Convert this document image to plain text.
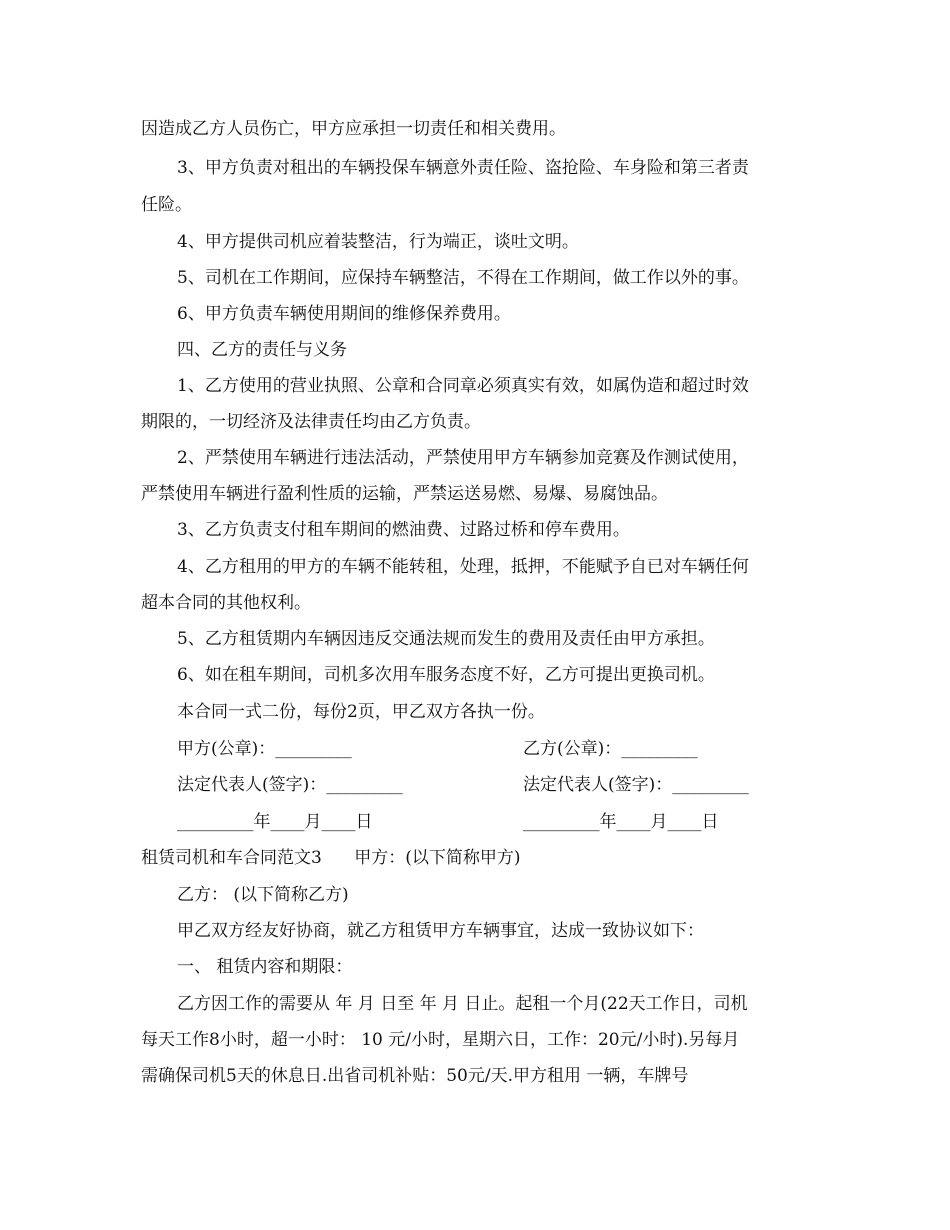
因造成乙方人员伤亡，甲方应承担一切责任和相关费用。
3、甲方负责对租出的车辆投保车辆意外责任险、盗抢险、车身险和第三者责
任险。
4、甲方提供司机应着装整洁，行为端正，谈吐文明。
5、司机在工作期间，应保持车辆整洁，不得在工作期间，做工作以外的事。
6、甲方负责车辆使用期间的维修保养费用。
四、乙方的责任与义务
1、乙方使用的营业执照、公章和合同章必须真实有效，如属伪造和超过时效
期限的，一切经济及法律责任均由乙方负责。
2、严禁使用车辆进行违法活动，严禁使用甲方车辆参加竞赛及作测试使用，
严禁使用车辆进行盈利性质的运输，严禁运送易燃、易爆、易腐蚀品。
3、乙方负责支付租车期间的燃油费、过路过桥和停车费用。
4、乙方租用的甲方的车辆不能转租，处理，抵押，不能赋予自已对车辆任何
超本合同的其他权利。
5、乙方租赁期内车辆因违反交通法规而发生的费用及责任由甲方承担。
6、如在租车期间，司机多次用车服务态度不好，乙方可提出更换司机。
本合同一式二份，每份2页，甲乙双方各执一份。
甲方(公章)：_________	乙方(公章)：_________
法定代表人(签字)：_________	法定代表人(签字)：_________
_________年____月____日	_________年____月____日
租赁司机和车合同范文3      甲方：(以下简称甲方)
乙方： (以下简称乙方)
甲乙双方经友好协商，就乙方租赁甲方车辆事宜，达成一致协议如下：
一、 租赁内容和期限：
乙方因工作的需要从 年 月 日至 年 月 日止。起租一个月(22天工作日，司机
每天工作8小时，超一小时： 10 元/小时，星期六日，工作：20元/小时).另每月
需确保司机5天的休息日.出省司机补贴：50元/天.甲方租用 一辆，车牌号
